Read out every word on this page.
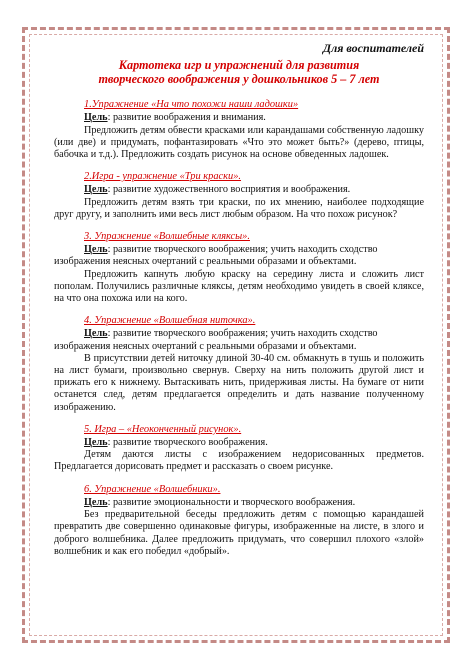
Для воспитателей

Картотека игр и упражнений для развития
творческого воображения у дошкольников 5 – 7 лет

1.Упражнение «На что похожи наши ладошки»

Цель: развитие воображения и внимания.

Предложить детям обвести красками или карандашами собственную ладошку (или две) и придумать, пофантазировать «Что это может быть?» (дерево, птицы, бабочка и т.д.). Предложить создать рисунок на основе обведенных ладошек.

2.Игра - упражнение «Три краски».

Цель: развитие художественного восприятия и воображения.

Предложить детям взять три краски, по их мнению, наиболее подходящие друг другу, и заполнить ими весь лист любым образом. На что похож рисунок?

3. Упражнение «Волшебные кляксы».

Цель: развитие творческого воображения; учить находить сходство изображения неясных очертаний с реальными образами и объектами.

Предложить капнуть любую краску на середину листа и сложить лист пополам. Получились различные кляксы, детям необходимо увидеть в своей кляксе, на что она похожа или на кого.

4. Упражнение «Волшебная ниточка».

Цель: развитие творческого воображения; учить находить сходство изображения неясных очертаний с реальными образами и объектами.

В присутствии детей ниточку длиной 30-40 см. обмакнуть в тушь и положить на лист бумаги, произвольно свернув. Сверху на нить положить другой лист и прижать его к нижнему. Вытаскивать нить, придерживая листы. На бумаге от нити останется след, детям предлагается определить и дать название полученному изображению.

5. Игра – «Неоконченный рисунок».

Цель: развитие творческого воображения.

Детям даются листы с изображением недорисованных предметов. Предлагается дорисовать предмет и рассказать о своем рисунке.

6. Упражнение «Волшебники».

Цель: развитие эмоциональности и творческого воображения.

Без предварительной беседы предложить детям с помощью карандашей превратить две совершенно одинаковые фигуры, изображенные на листе, в злого и доброго волшебника. Далее предложить придумать, что совершил плохого «злой» волшебник и как его победил «добрый».
